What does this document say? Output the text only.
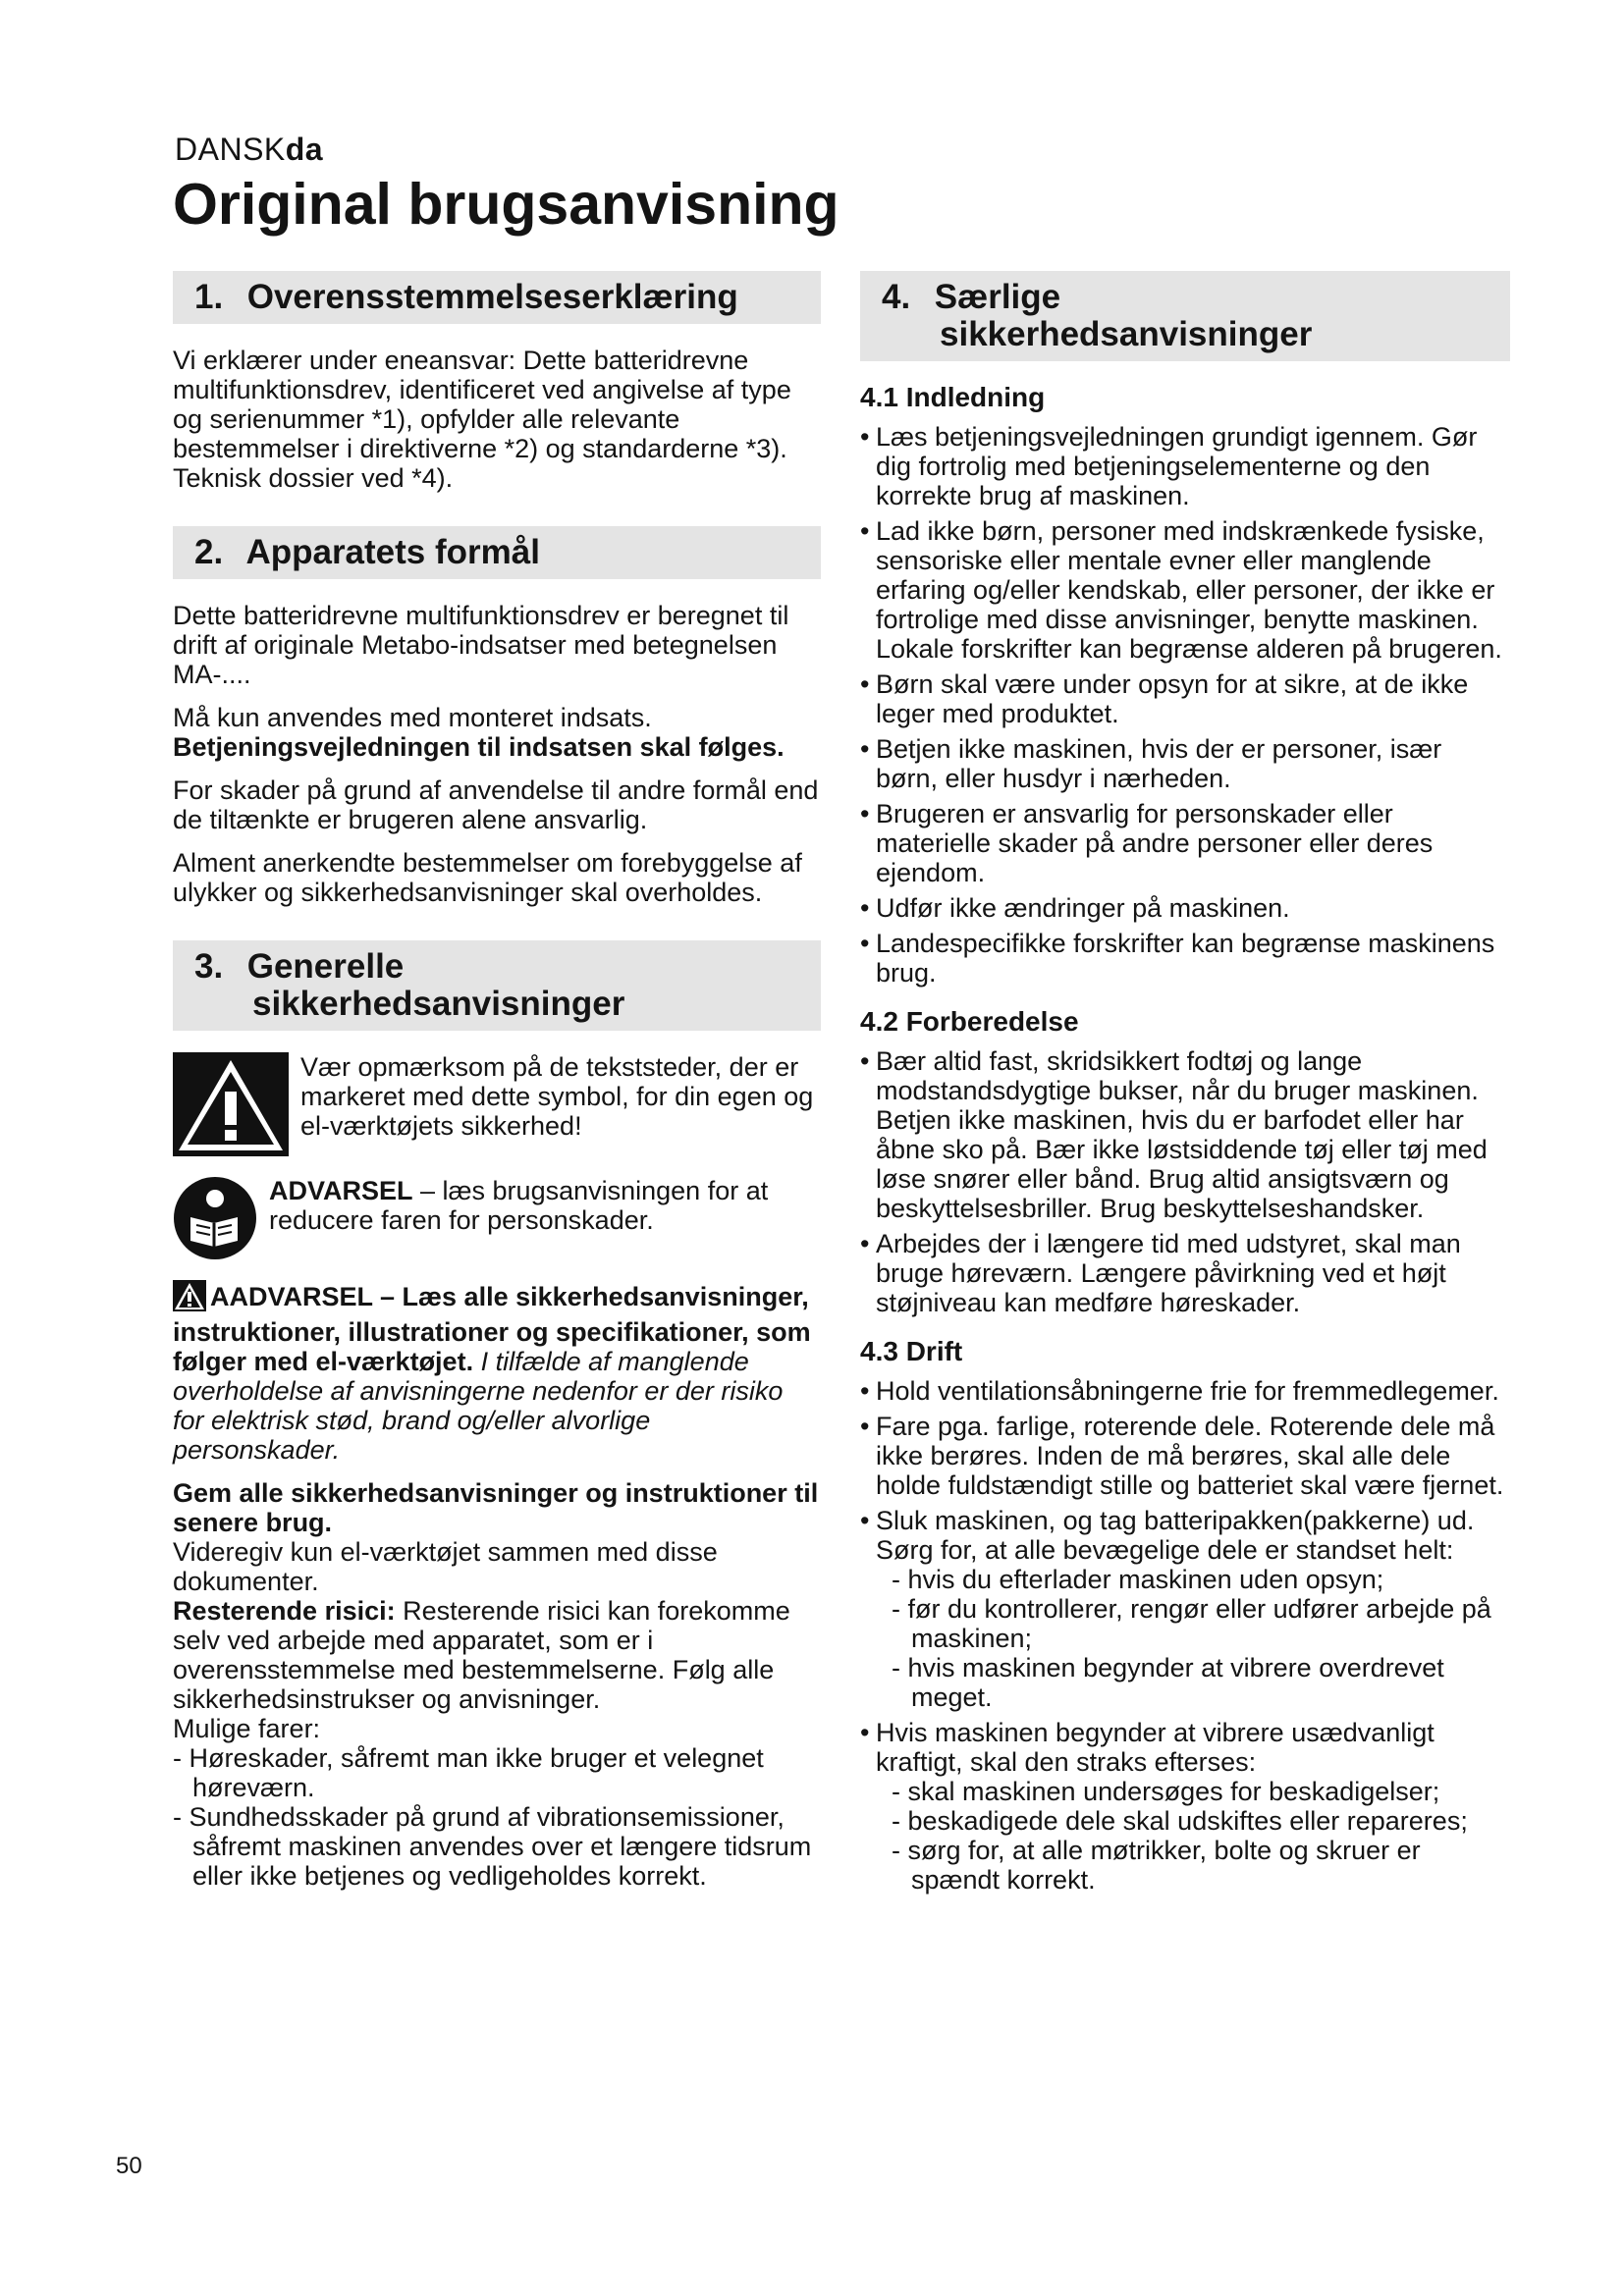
DANSKda
Original brugsanvisning
1. Overensstemmelseserklæring

Vi erklærer under eneansvar: Dette batteridrevne multifunktionsdrev, identificeret ved angivelse af type og serienummer *1), opfylder alle relevante bestemmelser i direktiverne *2) og standarderne *3). Teknisk dossier ved *4).

2. Apparatets formål

Dette batteridrevne multifunktionsdrev er beregnet til drift af originale Metabo-indsatser med betegnelsen MA-....

Må kun anvendes med monteret indsats.
Betjeningsvejledningen til indsatsen skal følges.

For skader på grund af anvendelse til andre formål end de tiltænkte er brugeren alene ansvarlig.

Alment anerkendte bestemmelser om forebyggelse af ulykker og sikkerhedsanvisninger skal overholdes.

3. Generelle
sikkerhedsanvisninger
Vær opmærksom på de tekststeder, der er markeret med dette symbol, for din egen og el-værktøjets sikkerhed!
ADVARSEL – læs brugsanvisningen for at reducere faren for personskader.

AADVARSEL – Læs alle sikkerhedsanvisninger, instruktioner, illustrationer og specifikationer, som følger med el-værktøjet. I tilfælde af manglende overholdelse af anvisningerne nedenfor er der risiko for elektrisk stød, brand og/eller alvorlige personskader.

Gem alle sikkerhedsanvisninger og instruktioner til senere brug.

Videregiv kun el-værktøjet sammen med disse dokumenter.

Resterende risici: Resterende risici kan forekomme selv ved arbejde med apparatet, som er i overensstemmelse med bestemmelserne. Følg alle sikkerhedsinstrukser og anvisninger.

Mulige farer:

- Høreskader, såfremt man ikke bruger et velegnet høreværn.
- Sundhedsskader på grund af vibrationsemissioner, såfremt maskinen anvendes over et længere tidsrum eller ikke betjenes og vedligeholdes korrekt.
4. Særlige
sikkerhedsanvisninger
4.1 Indledning
• Læs betjeningsvejledningen grundigt igennem. Gør dig fortrolig med betjeningselementerne og den korrekte brug af maskinen.
• Lad ikke børn, personer med indskrænkede fysiske, sensoriske eller mentale evner eller manglende erfaring og/eller kendskab, eller personer, der ikke er fortrolige med disse anvisninger, benytte maskinen. Lokale forskrifter kan begrænse alderen på brugeren.
• Børn skal være under opsyn for at sikre, at de ikke leger med produktet.
• Betjen ikke maskinen, hvis der er personer, især børn, eller husdyr i nærheden.
• Brugeren er ansvarlig for personskader eller materielle skader på andre personer eller deres ejendom.
• Udfør ikke ændringer på maskinen.
• Landespecifikke forskrifter kan begrænse maskinens brug.
4.2 Forberedelse
• Bær altid fast, skridsikkert fodtøj og lange modstandsdygtige bukser, når du bruger maskinen. Betjen ikke maskinen, hvis du er barfodet eller har åbne sko på. Bær ikke løstsiddende tøj eller tøj med løse snører eller bånd. Brug altid ansigtsværn og beskyttelsesbriller. Brug beskyttelseshandsker.
• Arbejdes der i længere tid med udstyret, skal man bruge høreværn. Længere påvirkning ved et højt støjniveau kan medføre høreskader.
4.3 Drift
• Hold ventilationsåbningerne frie for fremmedlegemer.
• Fare pga. farlige, roterende dele. Roterende dele må ikke berøres. Inden de må berøres, skal alle dele holde fuldstændigt stille og batteriet skal være fjernet.
• Sluk maskinen, og tag batteripakken(pakkerne) ud. Sørg for, at alle bevægelige dele er standset helt:
- hvis du efterlader maskinen uden opsyn;
- før du kontrollerer, rengør eller udfører arbejde på maskinen;
- hvis maskinen begynder at vibrere overdrevet meget.
• Hvis maskinen begynder at vibrere usædvanligt kraftigt, skal den straks efterses:
- skal maskinen undersøges for beskadigelser;
- beskadigede dele skal udskiftes eller repareres;
- sørg for, at alle møtrikker, bolte og skruer er spændt korrekt.
50
